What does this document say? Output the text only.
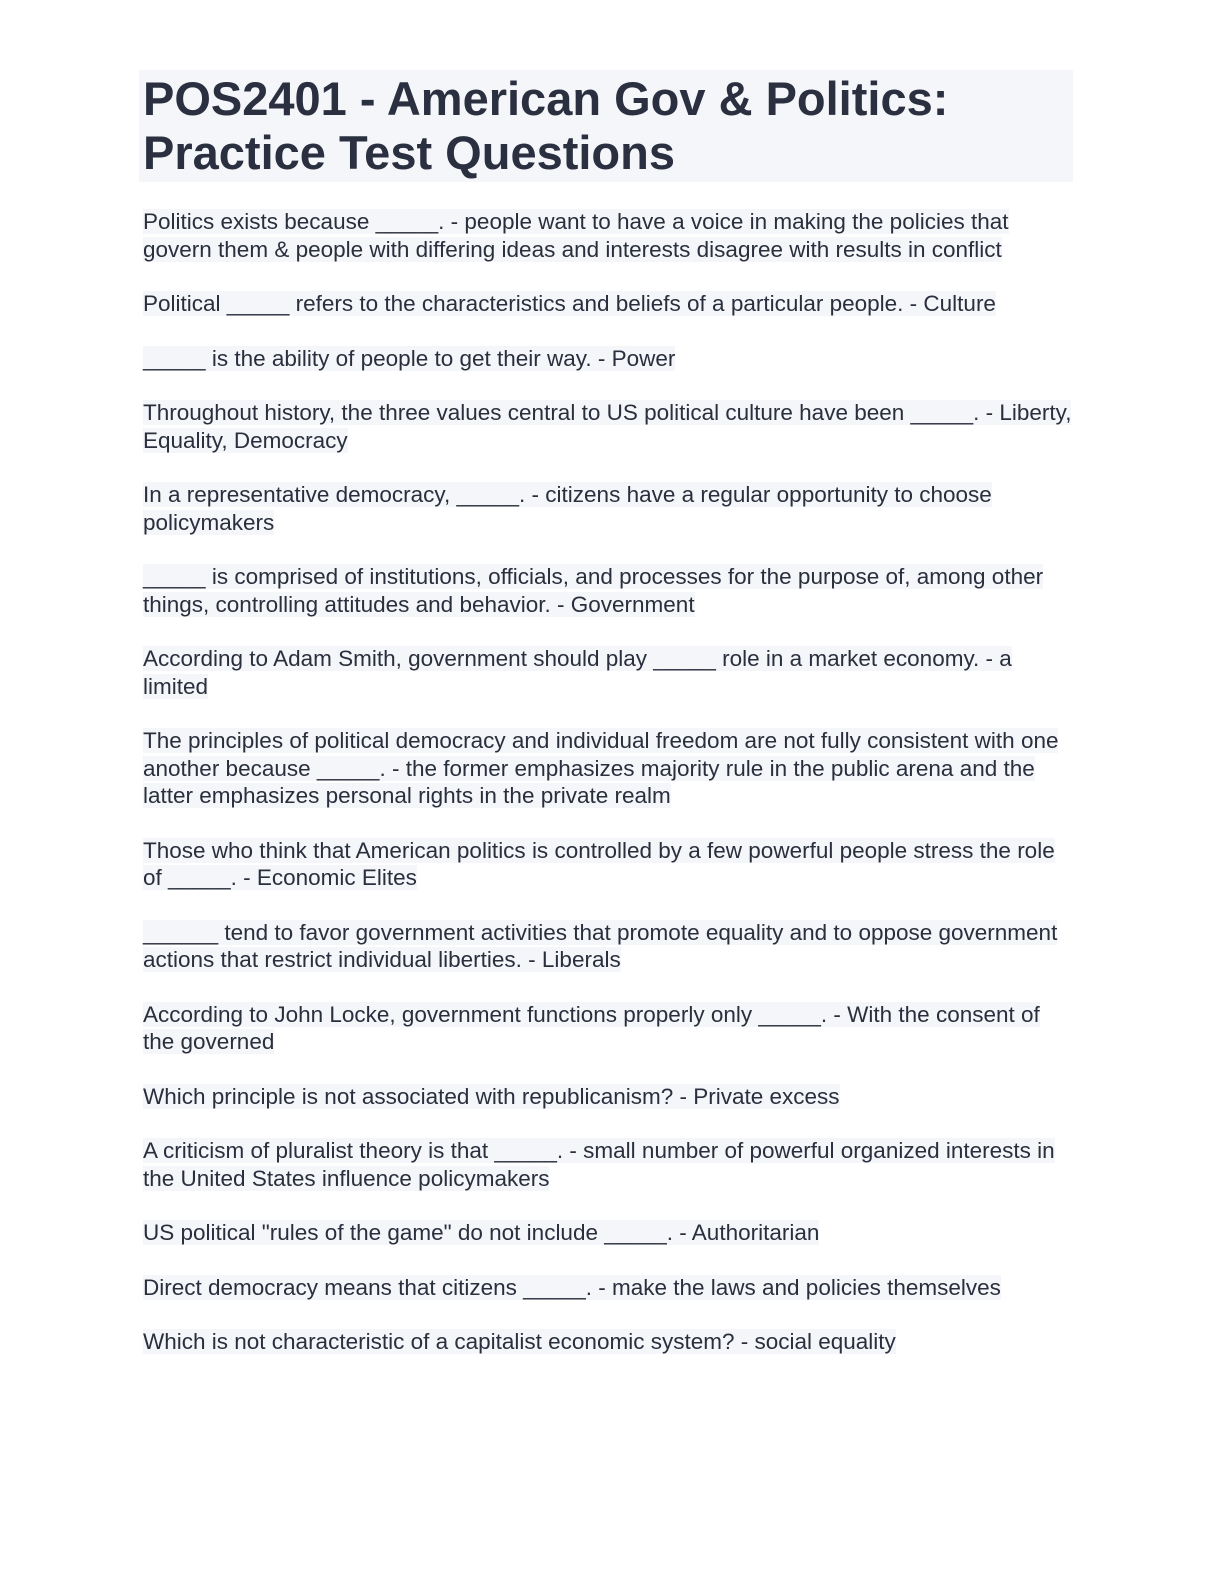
POS2401 - American Gov & Politics: Practice Test Questions
Politics exists because _____. - people want to have a voice in making the policies that govern them & people with differing ideas and interests disagree with results in conflict
Political _____ refers to the characteristics and beliefs of a particular people. - Culture
_____ is the ability of people to get their way. - Power
Throughout history, the three values central to US political culture have been _____. - Liberty, Equality, Democracy
In a representative democracy, _____. - citizens have a regular opportunity to choose policymakers
_____ is comprised of institutions, officials, and processes for the purpose of, among other things, controlling attitudes and behavior. - Government
According to Adam Smith, government should play _____ role in a market economy. - a limited
The principles of political democracy and individual freedom are not fully consistent with one another because _____. - the former emphasizes majority rule in the public arena and the latter emphasizes personal rights in the private realm
Those who think that American politics is controlled by a few powerful people stress the role of _____. - Economic Elites
______ tend to favor government activities that promote equality and to oppose government actions that restrict individual liberties. - Liberals
According to John Locke, government functions properly only _____. - With the consent of the governed
Which principle is not associated with republicanism? - Private excess
A criticism of pluralist theory is that _____. - small number of powerful organized interests in the United States influence policymakers
US political "rules of the game" do not include _____. - Authoritarian
Direct democracy means that citizens _____. - make the laws and policies themselves
Which is not characteristic of a capitalist economic system? - social equality
